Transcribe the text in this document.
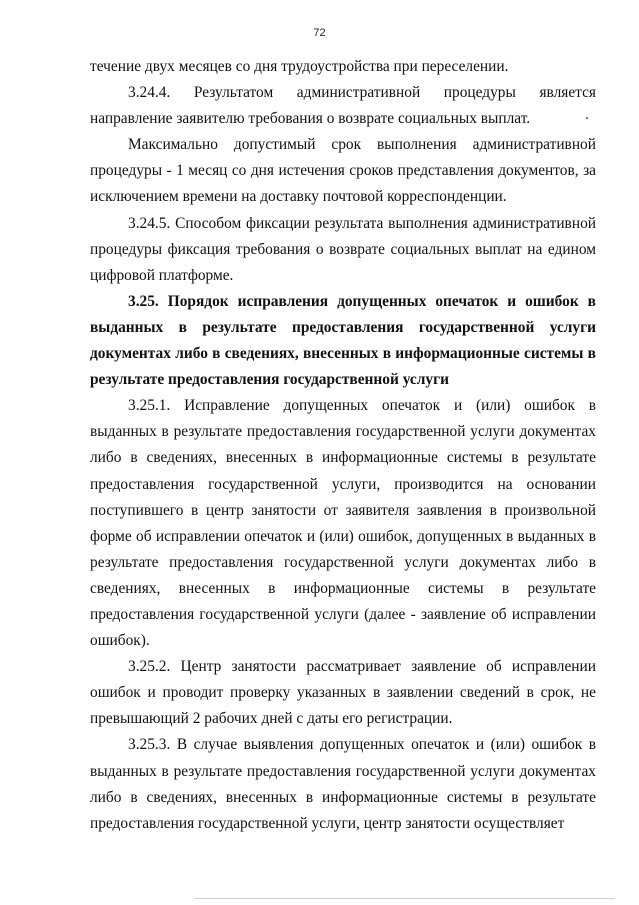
72

течение двух месяцев со дня трудоустройства при переселении.

3.24.4. Результатом административной процедуры является направление заявителю требования о возврате социальных выплат.

Максимально допустимый срок выполнения административной процедуры - 1 месяц со дня истечения сроков представления документов, за исключением времени на доставку почтовой корреспонденции.

3.24.5. Способом фиксации результата выполнения административной процедуры фиксация требования о возврате социальных выплат на едином цифровой платформе.

3.25. Порядок исправления допущенных опечаток и ошибок в выданных в результате предоставления государственной услуги документах либо в сведениях, внесенных в информационные системы в результате предоставления государственной услуги

3.25.1. Исправление допущенных опечаток и (или) ошибок в выданных в результате предоставления государственной услуги документах либо в сведениях, внесенных в информационные системы в результате предоставления государственной услуги, производится на основании поступившего в центр занятости от заявителя заявления в произвольной форме об исправлении опечаток и (или) ошибок, допущенных в выданных в результате предоставления государственной услуги документах либо в сведениях, внесенных в информационные системы в результате предоставления государственной услуги (далее - заявление об исправлении ошибок).

3.25.2. Центр занятости рассматривает заявление об исправлении ошибок и проводит проверку указанных в заявлении сведений в срок, не превышающий 2 рабочих дней с даты его регистрации.

3.25.3. В случае выявления допущенных опечаток и (или) ошибок в выданных в результате предоставления государственной услуги документах либо в сведениях, внесенных в информационные системы в результате предоставления государственной услуги, центр занятости осуществляет
